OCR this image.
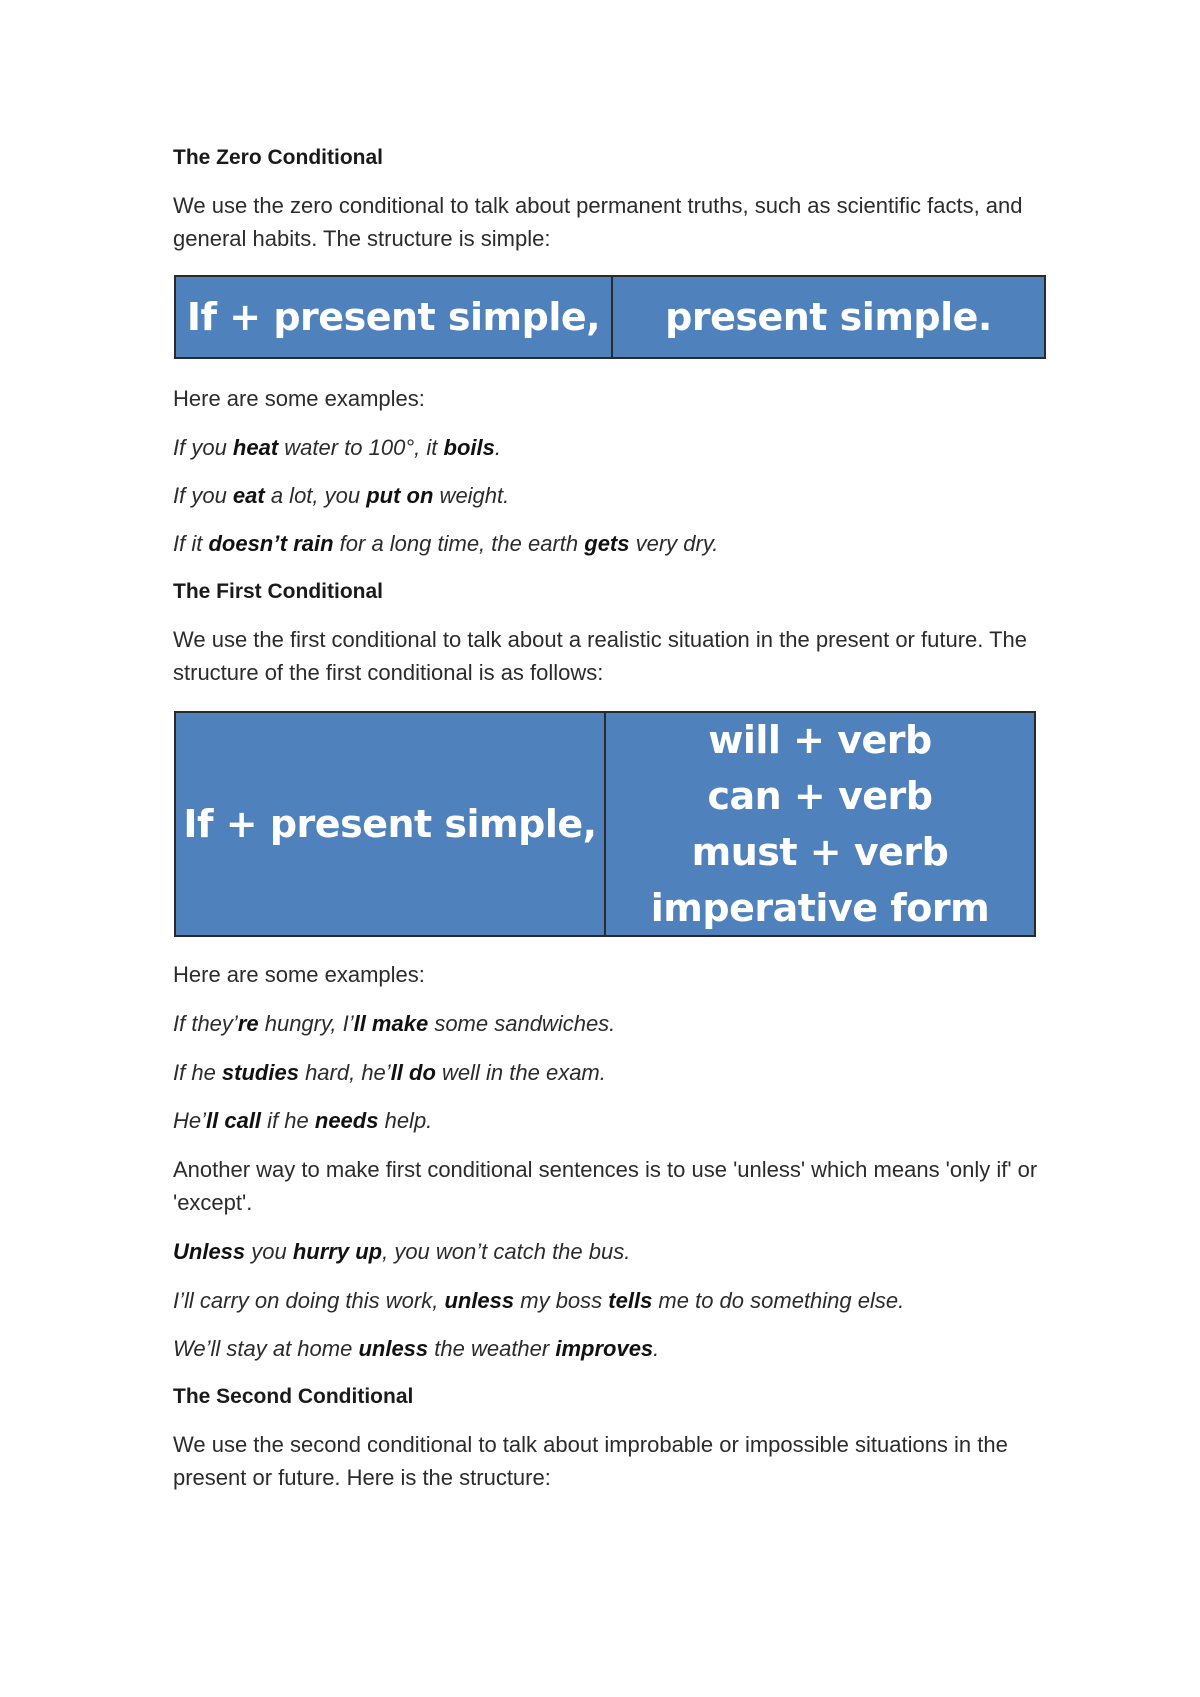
The Zero Conditional

We use the zero conditional to talk about permanent truths, such as scientific facts, and general habits. The structure is simple:

If + present simple,	present simple.

Here are some examples:

If you heat water to 100°, it boils.

If you eat a lot, you put on weight.

If it doesn’t rain for a long time, the earth gets very dry.

The First Conditional

We use the first conditional to talk about a realistic situation in the present or future. The structure of the first conditional is as follows:

If + present simple,
will + verb
can + verb
must + verb
imperative form

Here are some examples:

If they’re hungry, I’ll make some sandwiches.

If he studies hard, he’ll do well in the exam.

He’ll call if he needs help.

Another way to make first conditional sentences is to use 'unless' which means 'only if' or 'except'.

Unless you hurry up, you won’t catch the bus.

I’ll carry on doing this work, unless my boss tells me to do something else.

We’ll stay at home unless the weather improves.

The Second Conditional

We use the second conditional to talk about improbable or impossible situations in the present or future. Here is the structure:
